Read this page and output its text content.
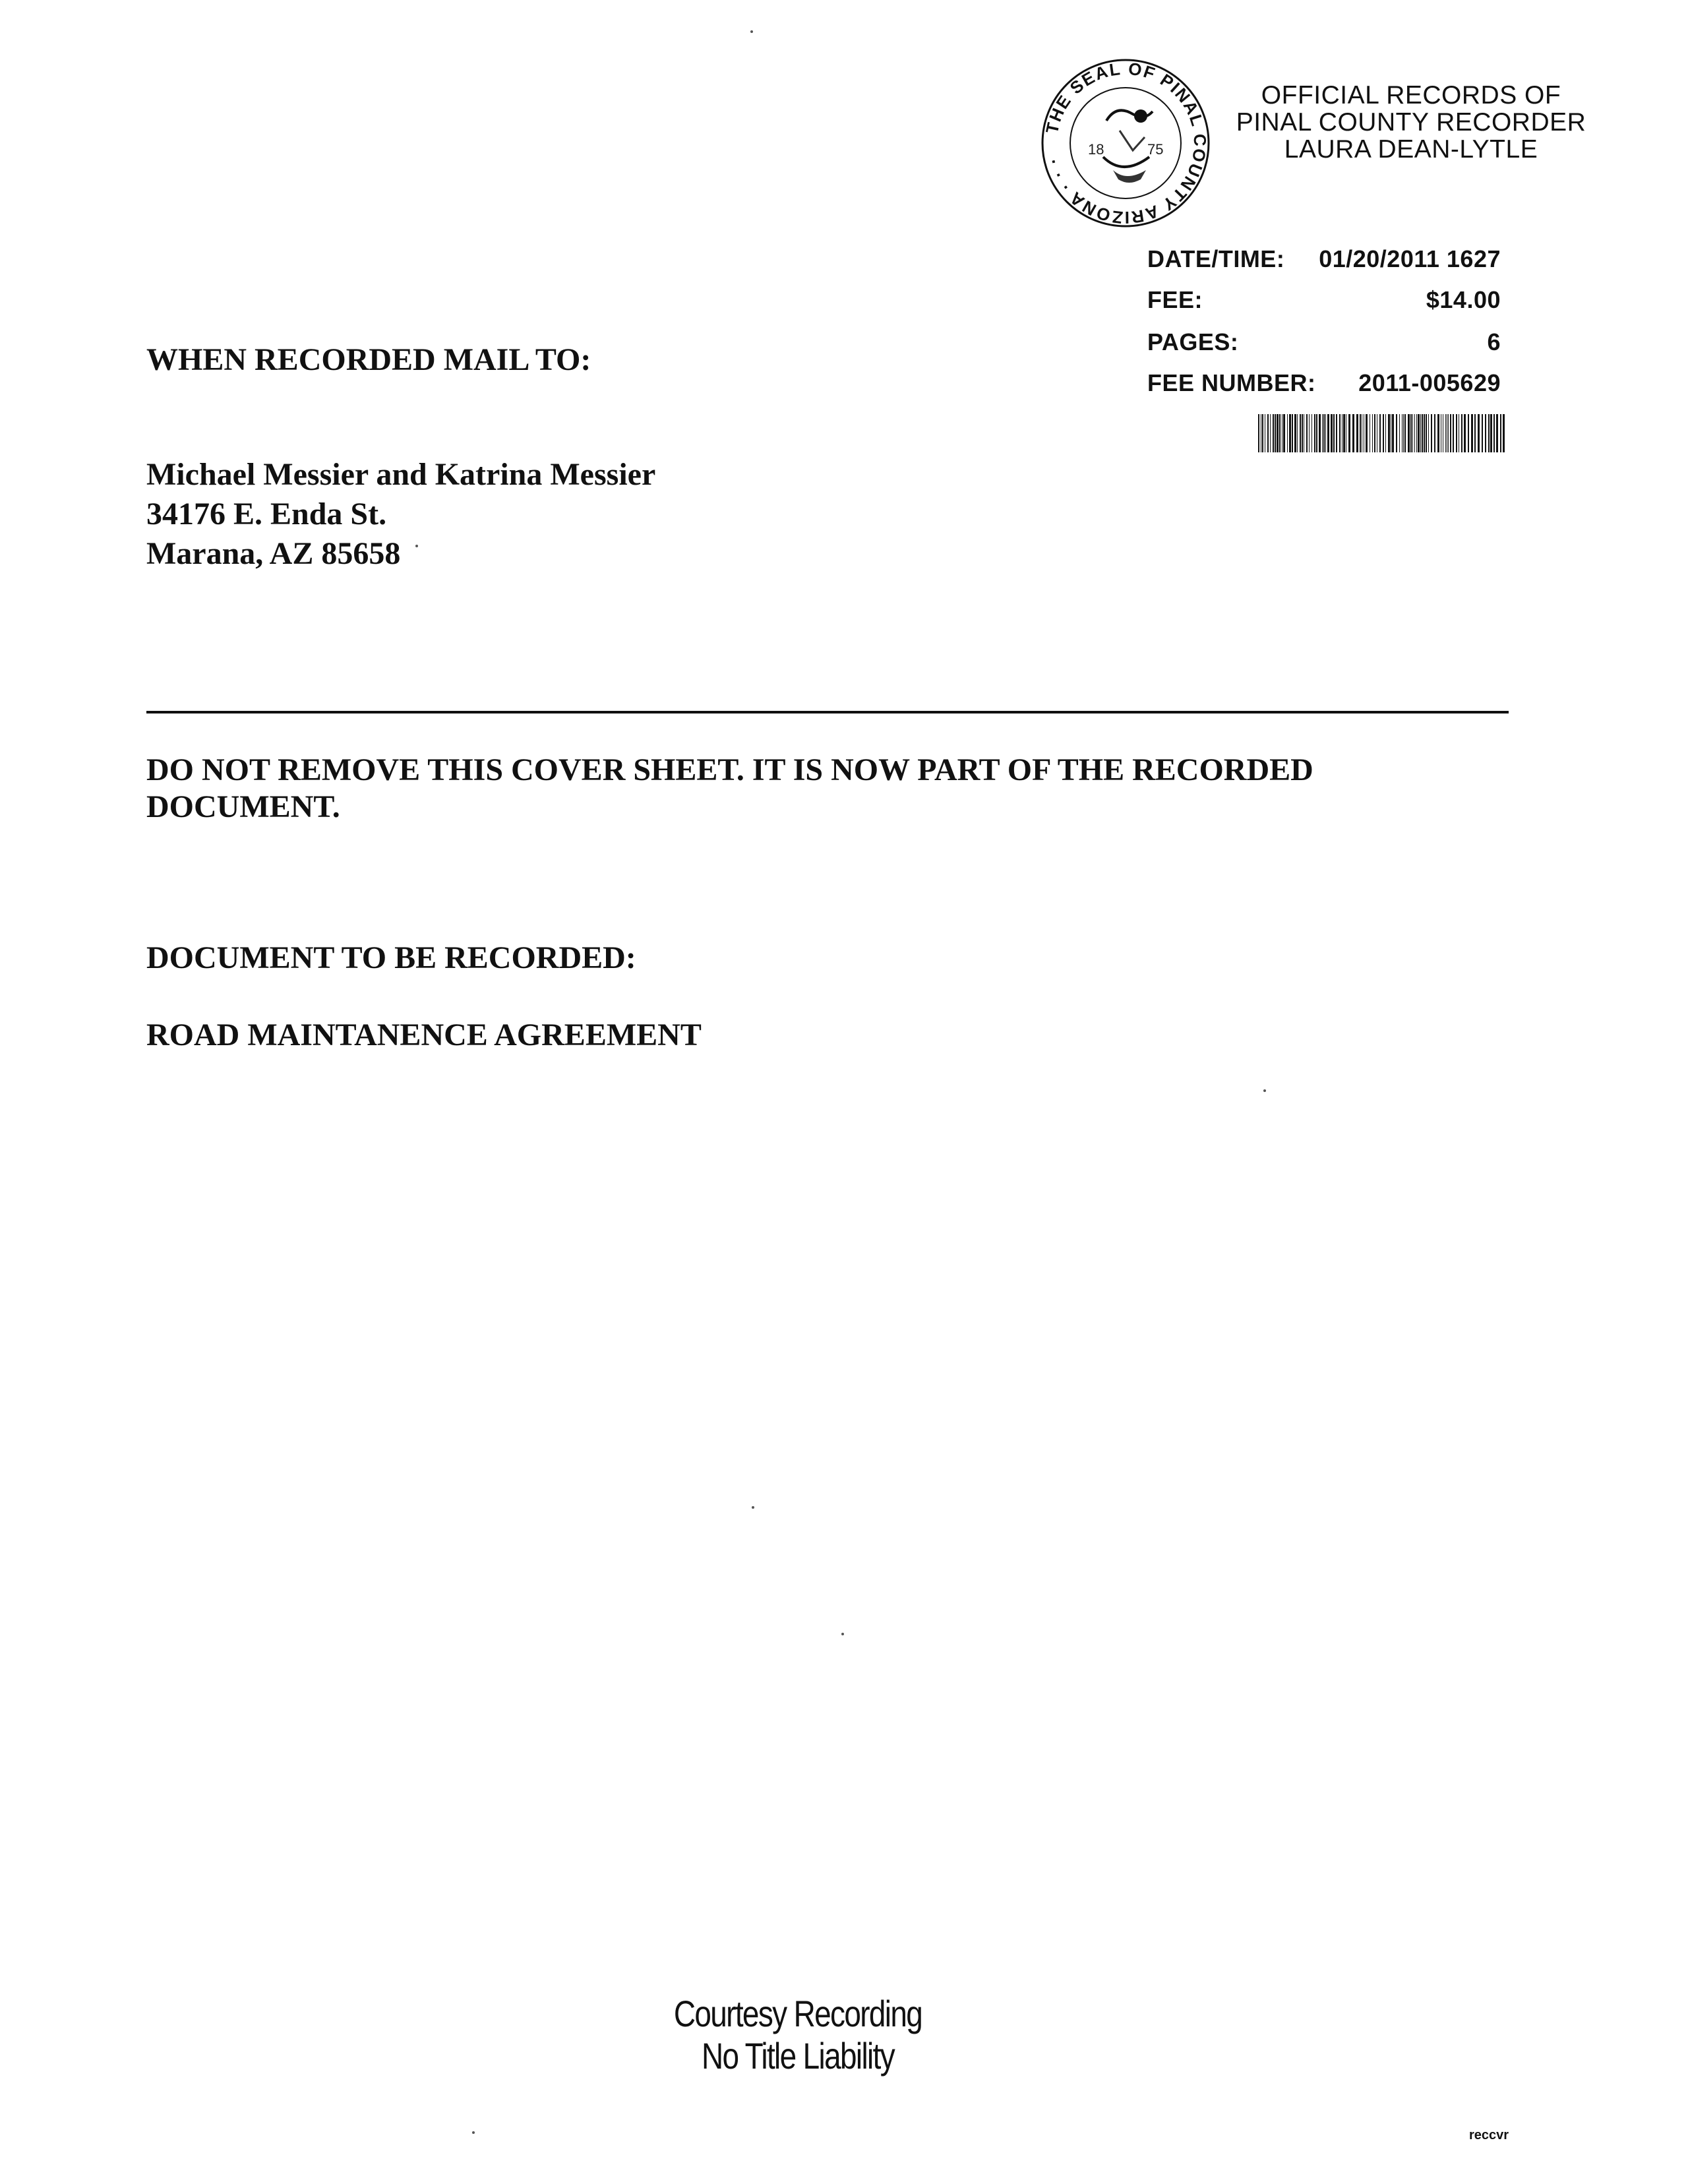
THE SEAL OF PINAL COUNTY ARIZONA · · ·
18	75
OFFICIAL RECORDS OF
PINAL COUNTY RECORDER
LAURA DEAN-LYTLE
DATE/TIME: 01/20/2011 1627
FEE:	$14.00
PAGES:	6
FEE NUMBER: 2011-005629
WHEN RECORDED MAIL TO:
Michael Messier and Katrina Messier
34176 E. Enda St.
Marana, AZ 85658
DO NOT REMOVE THIS COVER SHEET. IT IS NOW PART OF THE RECORDED DOCUMENT.
DOCUMENT TO BE RECORDED:
ROAD MAINTANENCE AGREEMENT
Courtesy Recording
No Title Liability
reccvr
